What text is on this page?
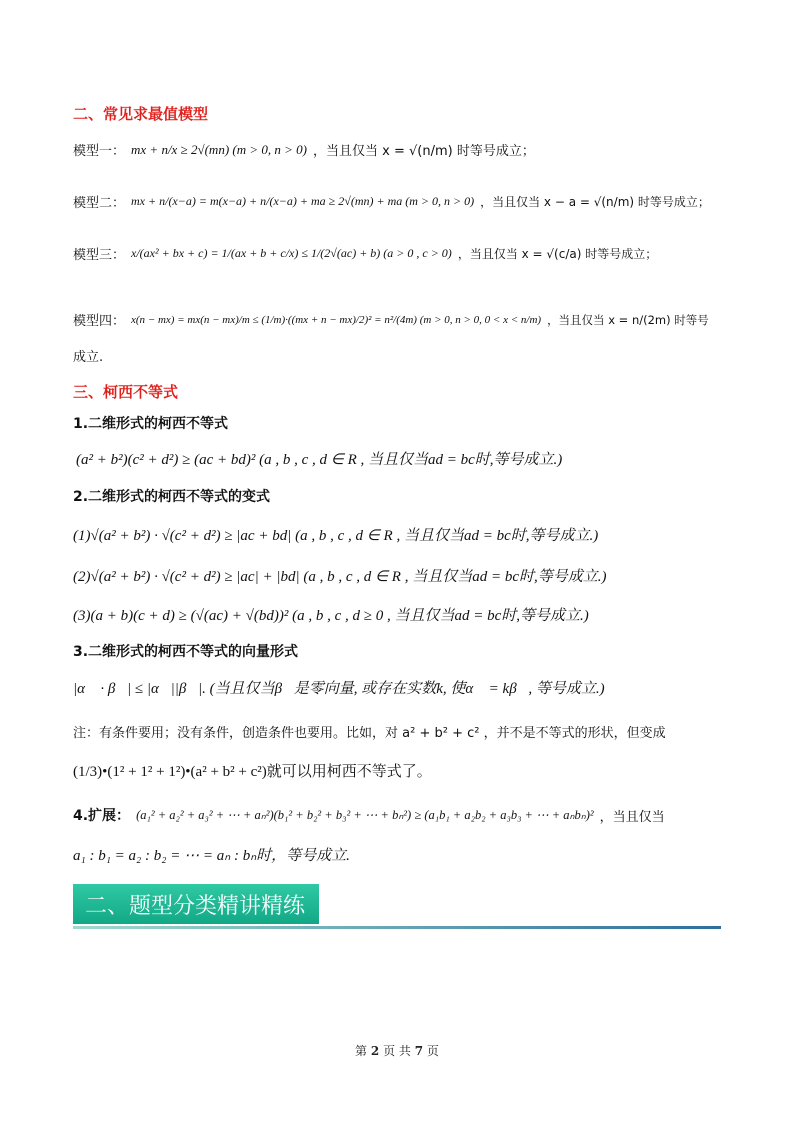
二、常见求最值模型
模型一： mx + n/x ≥ 2√(mn) (m > 0, n > 0) ，当且仅当 x = √(n/m) 时等号成立；
模型二： mx + n/(x−a) = m(x−a) + n/(x−a) + ma ≥ 2√(mn) + ma (m > 0, n > 0) ，当且仅当 x − a = √(n/m) 时等号成立；
模型三： x/(ax² + bx + c) = 1/(ax + b + c/x) ≤ 1/(2√(ac) + b) (a > 0 , c > 0) ，当且仅当 x = √(c/a) 时等号成立；
模型四： x(n − mx) = mx(n − mx)/m ≤ (1/m)·((mx + n − mx)/2)² = n²/(4m) (m > 0, n > 0, 0 < x < n/m) ，当且仅当 x = n/(2m) 时等号
成立.
三、柯西不等式
1.二维形式的柯西不等式
(a² + b²)(c² + d²) ≥ (ac + bd)² (a , b , c , d ∈ R , 当且仅当ad = bc时,等号成立.)
2.二维形式的柯西不等式的变式
(1)√(a² + b²) · √(c² + d²) ≥ |ac + bd| (a , b , c , d ∈ R , 当且仅当ad = bc时,等号成立.)
(2)√(a² + b²) · √(c² + d²) ≥ |ac| + |bd| (a , b , c , d ∈ R , 当且仅当ad = bc时,等号成立.)
(3)(a + b)(c + d) ≥ (√(ac) + √(bd))² (a , b , c , d ≥ 0 , 当且仅当ad = bc时,等号成立.)
3.二维形式的柯西不等式的向量形式
|α⃗ · β⃗| ≤ |α⃗||β⃗|. (当且仅当β⃗是零向量, 或存在实数k, 使α⃗ = kβ⃗, 等号成立.)
注：有条件要用；没有条件，创造条件也要用。比如，对 a² + b² + c² ，并不是不等式的形状，但变成
(1/3)•(1² + 1² + 1²)•(a² + b² + c²)就可以用柯西不等式了。
4.扩展： (a₁² + a₂² + a₃² + ⋯ + aₙ²)(b₁² + b₂² + b₃² + ⋯ + bₙ²) ≥ (a₁b₁ + a₂b₂ + a₃b₃ + ⋯ + aₙbₙ)² ，当且仅当
a₁ : b₁ = a₂ : b₂ = ⋯ = aₙ : bₙ时，等号成立.
二、题型分类精讲精练
第 2 页 共 7 页
